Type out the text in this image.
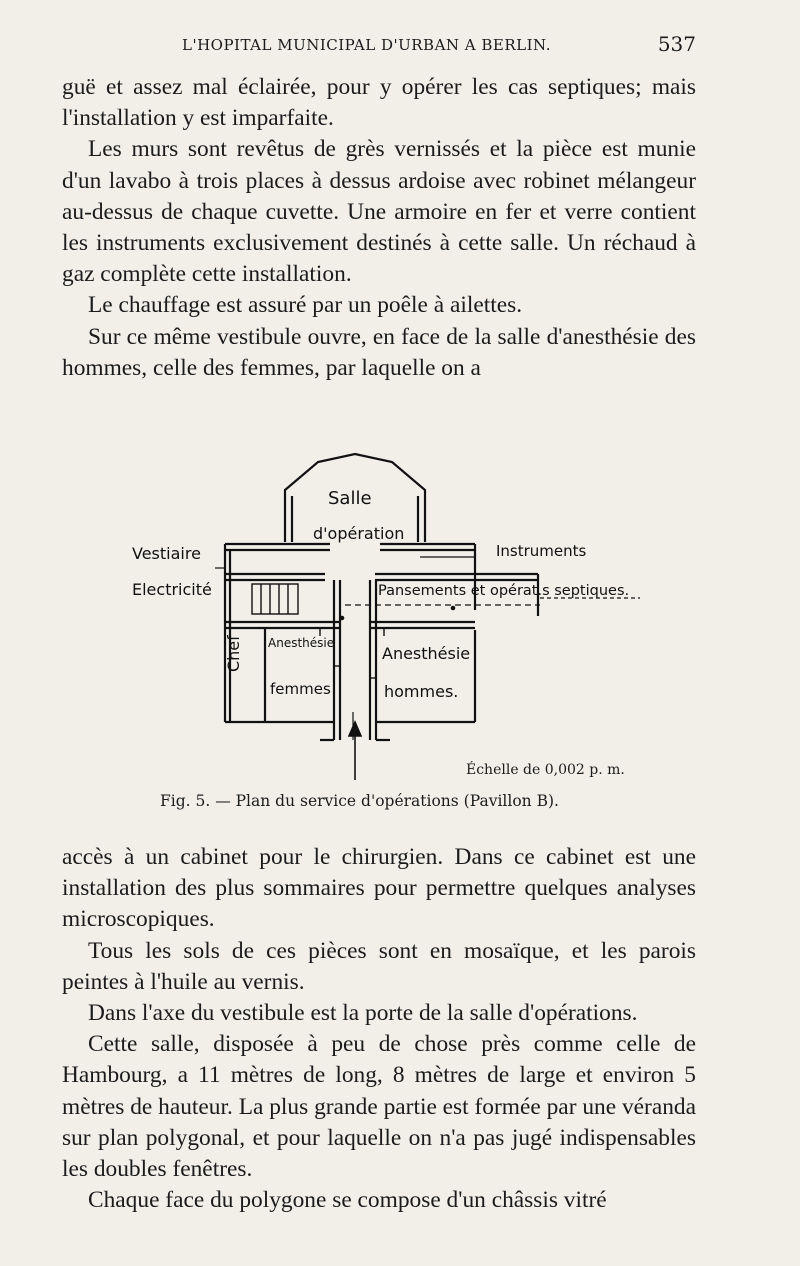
L'HOPITAL MUNICIPAL D'URBAN A BERLIN.	537

guë et assez mal éclairée, pour y opérer les cas septiques; mais l'installation y est imparfaite.

Les murs sont revêtus de grès vernissés et la pièce est munie d'un lavabo à trois places à dessus ardoise avec robinet mélangeur au-dessus de chaque cuvette. Une armoire en fer et verre contient les instruments exclusivement destinés à cette salle. Un réchaud à gaz complète cette installation.

Le chauffage est assuré par un poêle à ailettes.

Sur ce même vestibule ouvre, en face de la salle d'anesthésie des hommes, celle des femmes, par laquelle on a

Salle
d'opération
Vestiaire
Electricité
Instruments
Pansements et opérat.s septiques.
Anesthésie
femmes
Anesthésie
hommes.
Chef
Échelle de 0,002 p. m.
Fig. 5. — Plan du service d'opérations (Pavillon B).

accès à un cabinet pour le chirurgien. Dans ce cabinet est une installation des plus sommaires pour permettre quelques analyses microscopiques.

Tous les sols de ces pièces sont en mosaïque, et les parois peintes à l'huile au vernis.

Dans l'axe du vestibule est la porte de la salle d'opérations.

Cette salle, disposée à peu de chose près comme celle de Hambourg, a 11 mètres de long, 8 mètres de large et environ 5 mètres de hauteur. La plus grande partie est formée par une véranda sur plan polygonal, et pour laquelle on n'a pas jugé indispensables les doubles fenêtres.

Chaque face du polygone se compose d'un châssis vitré
